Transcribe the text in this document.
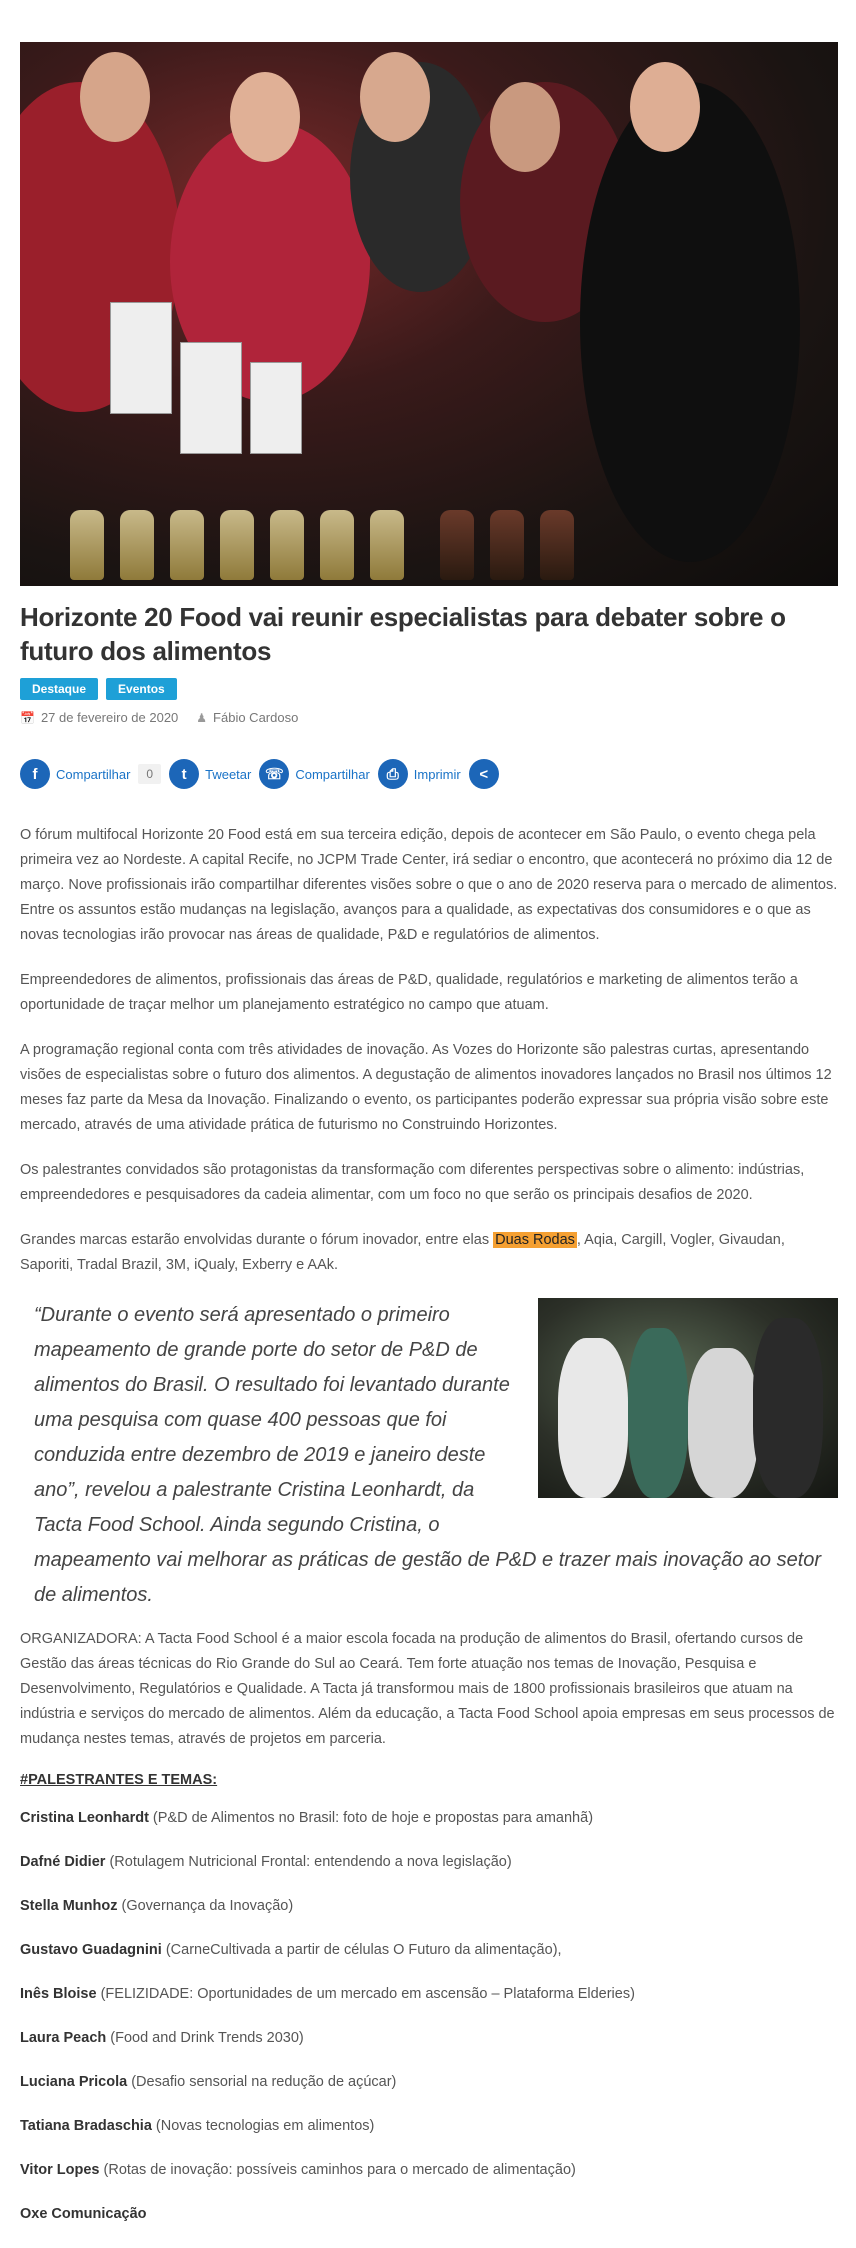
Horizonte 20 Food vai reunir especialistas para debater sobre o futuro dos alimentos
Destaque	Eventos
📅 27 de fevereiro de 2020 ♟ Fábio Cardoso
f	Compartilhar	0	t	Tweetar ☏ Compartilhar	⎙	Imprimir	<

O fórum multifocal Horizonte 20 Food está em sua terceira edição, depois de acontecer em São Paulo, o evento chega pela primeira vez ao Nordeste. A capital Recife, no JCPM Trade Center, irá sediar o encontro, que acontecerá no próximo dia 12 de março. Nove profissionais irão compartilhar diferentes visões sobre o que o ano de 2020 reserva para o mercado de alimentos. Entre os assuntos estão mudanças na legislação, avanços para a qualidade, as expectativas dos consumidores e o que as novas tecnologias irão provocar nas áreas de qualidade, P&D e regulatórios de alimentos.

Empreendedores de alimentos, profissionais das áreas de P&D, qualidade, regulatórios e marketing de alimentos terão a oportunidade de traçar melhor um planejamento estratégico no campo que atuam.

A programação regional conta com três atividades de inovação. As Vozes do Horizonte são palestras curtas, apresentando visões de especialistas sobre o futuro dos alimentos. A degustação de alimentos inovadores lançados no Brasil nos últimos 12 meses faz parte da Mesa da Inovação. Finalizando o evento, os participantes poderão expressar sua própria visão sobre este mercado, através de uma atividade prática de futurismo no Construindo Horizontes.

Os palestrantes convidados são protagonistas da transformação com diferentes perspectivas sobre o alimento: indústrias, empreendedores e pesquisadores da cadeia alimentar, com um foco no que serão os principais desafios de 2020.

Grandes marcas estarão envolvidas durante o fórum inovador, entre elas Duas Rodas , Aqia, Cargill, Vogler, Givaudan, Saporiti, Tradal Brazil, 3M, iQualy, Exberry e AAk.

“Durante o evento será apresentado o primeiro mapeamento de grande porte do setor de P&D de alimentos do Brasil. O resultado foi levantado durante uma pesquisa com quase 400 pessoas que foi conduzida entre dezembro de 2019 e janeiro deste ano”, revelou a palestrante Cristina Leonhardt, da Tacta Food School. Ainda segundo Cristina, o mapeamento vai melhorar as práticas de gestão de P&D e trazer mais inovação ao setor de alimentos.

ORGANIZADORA: A Tacta Food School é a maior escola focada na produção de alimentos do Brasil, ofertando cursos de Gestão das áreas técnicas do Rio Grande do Sul ao Ceará. Tem forte atuação nos temas de Inovação, Pesquisa e Desenvolvimento, Regulatórios e Qualidade. A Tacta já transformou mais de 1800 profissionais brasileiros que atuam na indústria e serviços do mercado de alimentos. Além da educação, a Tacta Food School apoia empresas em seus processos de mudança nestes temas, através de projetos em parceria.

#PALESTRANTES E TEMAS:

Cristina Leonhardt (P&D de Alimentos no Brasil: foto de hoje e propostas para amanhã)

Dafné Didier (Rotulagem Nutricional Frontal: entendendo a nova legislação)

Stella Munhoz (Governança da Inovação)

Gustavo Guadagnini (CarneCultivada a partir de células O Futuro da alimentação),

Inês Bloise (FELIZIDADE: Oportunidades de um mercado em ascensão – Plataforma Elderies)

Laura Peach (Food and Drink Trends 2030)

Luciana Pricola (Desafio sensorial na redução de açúcar)

Tatiana Bradaschia (Novas tecnologias em alimentos)

Vitor Lopes (Rotas de inovação: possíveis caminhos para o mercado de alimentação)

Oxe Comunicação
